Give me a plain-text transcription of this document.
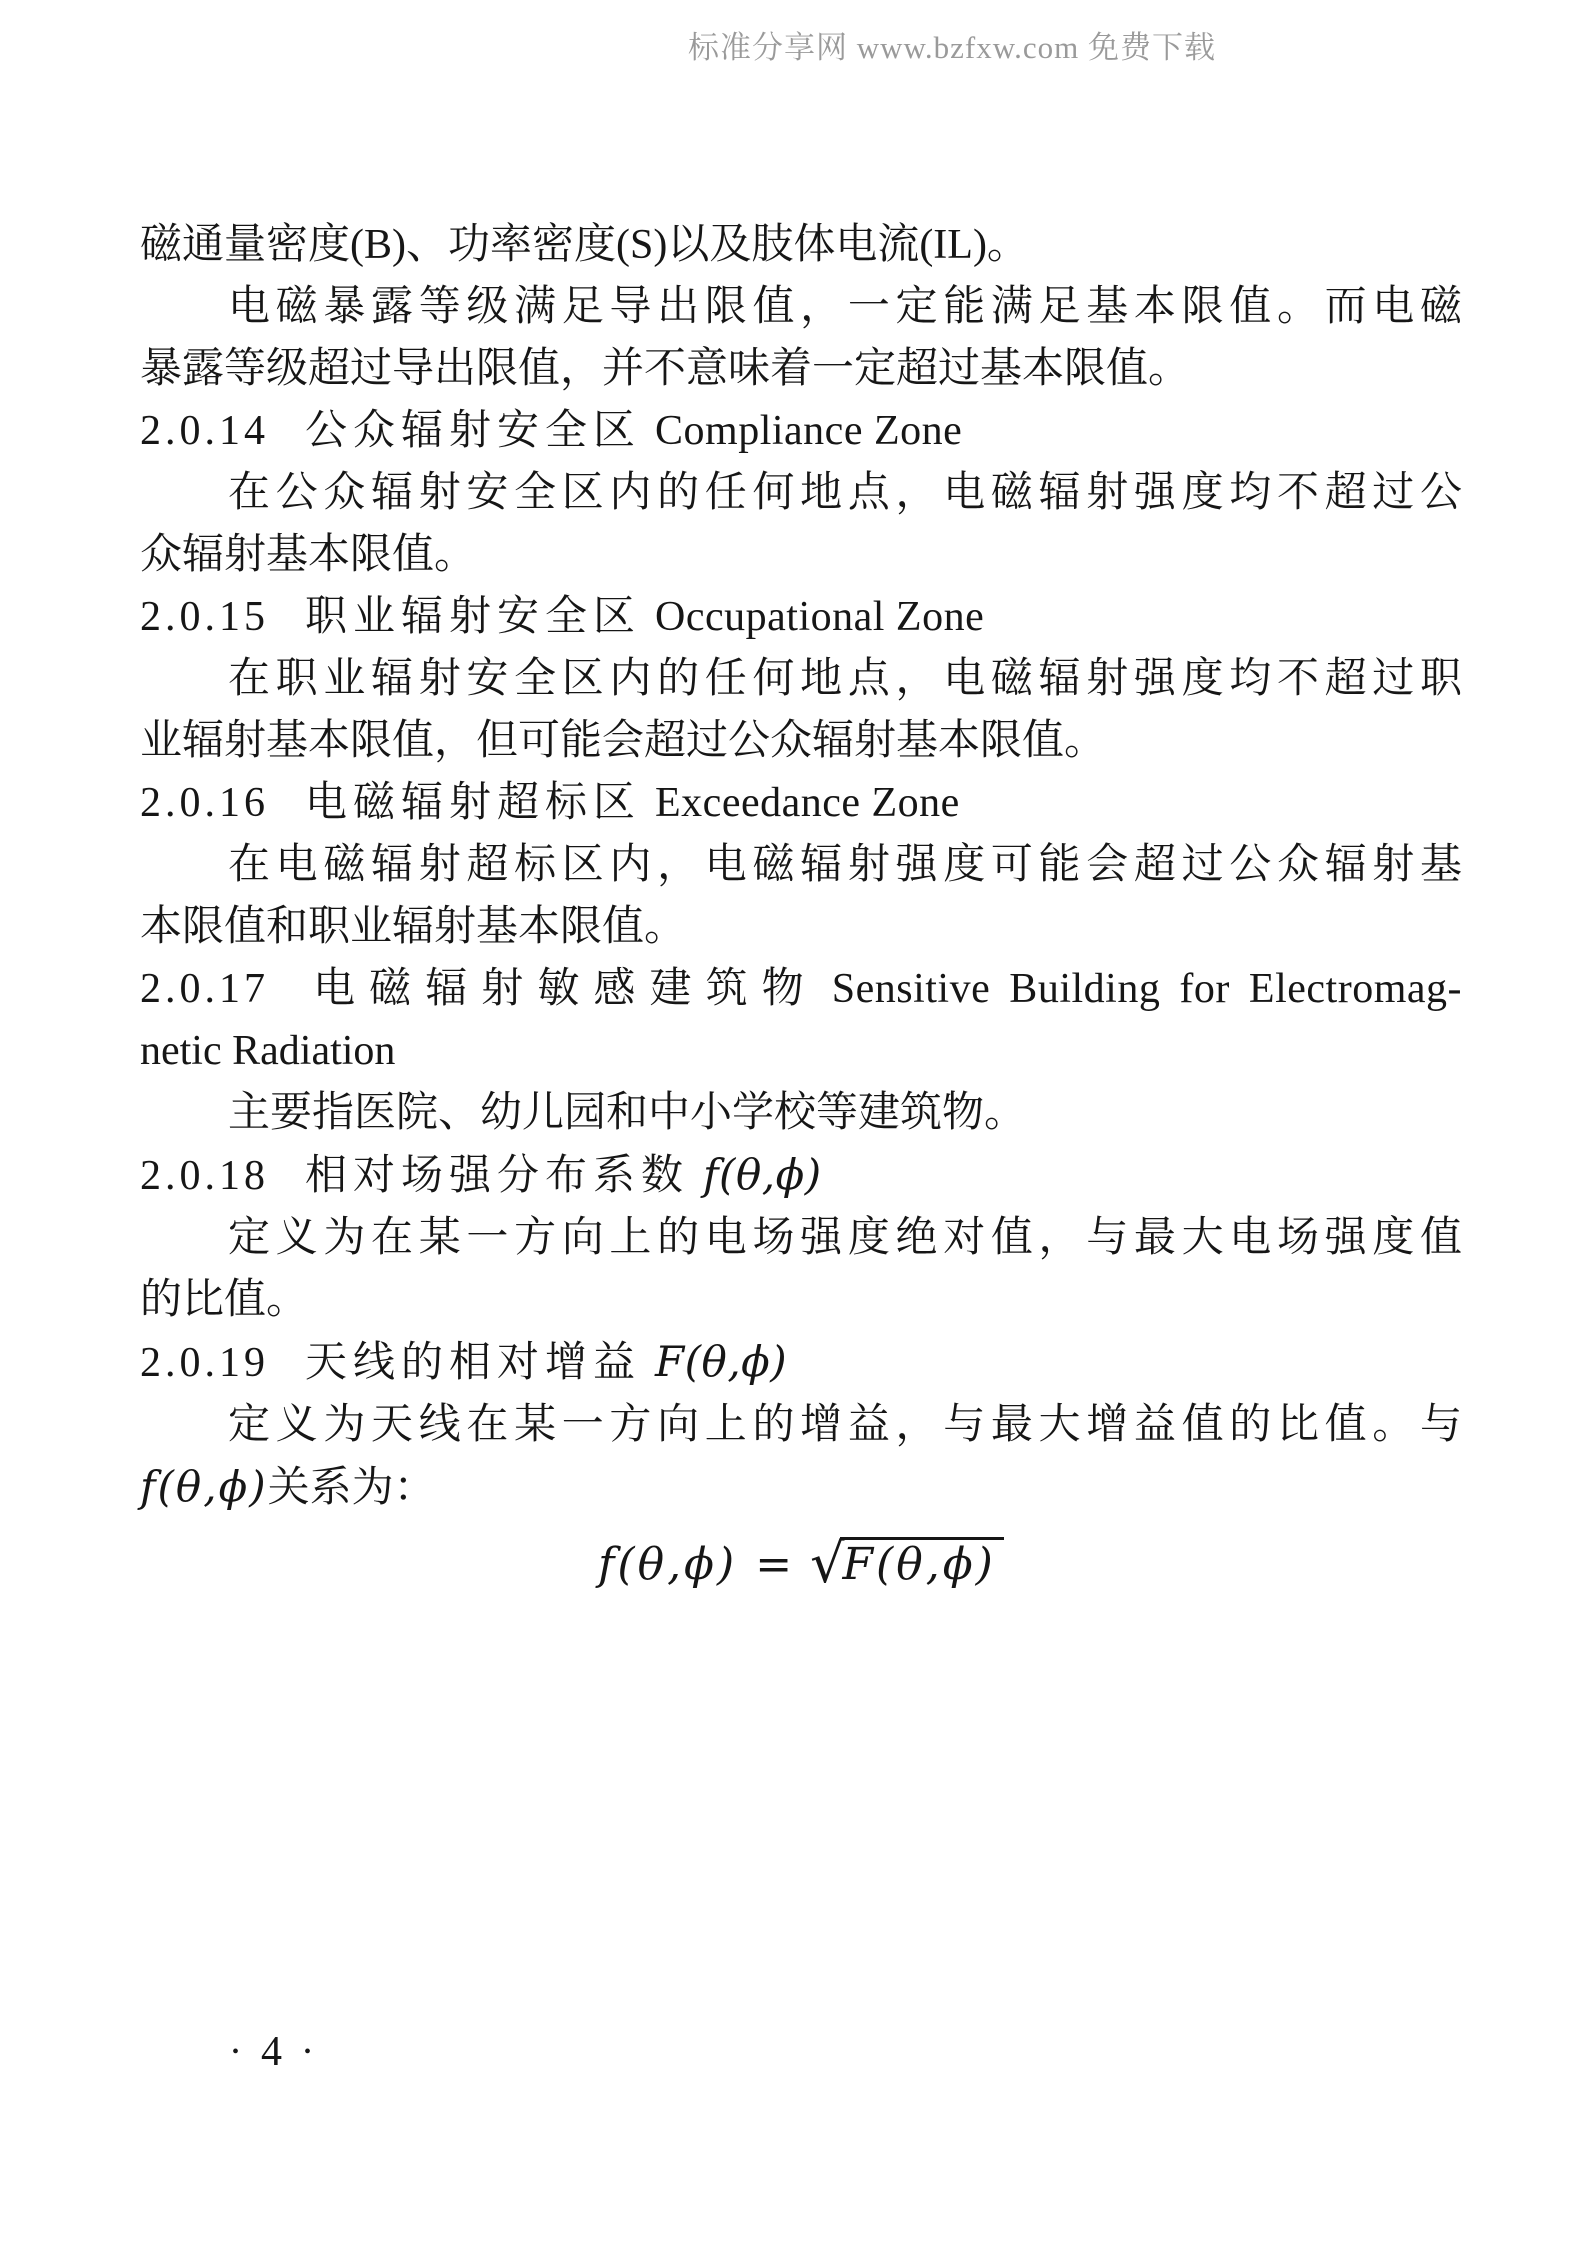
标准分享网 www.bzfxw.com 免费下载
磁通量密度(B)、功率密度(S)以及肢体电流(IL)。
电磁暴露等级满足导出限值，一定能满足基本限值。而电磁
暴露等级超过导出限值，并不意味着一定超过基本限值。
2.0.14 公众辐射安全区 Compliance Zone
在公众辐射安全区内的任何地点，电磁辐射强度均不超过公
众辐射基本限值。
2.0.15 职业辐射安全区 Occupational Zone
在职业辐射安全区内的任何地点，电磁辐射强度均不超过职
业辐射基本限值，但可能会超过公众辐射基本限值。
2.0.16 电磁辐射超标区 Exceedance Zone
在电磁辐射超标区内，电磁辐射强度可能会超过公众辐射基
本限值和职业辐射基本限值。
2.0.17 电磁辐射敏感建筑物 Sensitive Building for Electromag-
netic Radiation
主要指医院、幼儿园和中小学校等建筑物。
2.0.18 相对场强分布系数 f(θ,ϕ)
定义为在某一方向上的电场强度绝对值，与最大电场强度值
的比值。
2.0.19 天线的相对增益 F(θ,ϕ)
定义为天线在某一方向上的增益，与最大增益值的比值。与
f(θ,ϕ)关系为：
f(θ,ϕ) = √F(θ,ϕ)
• 4 •
